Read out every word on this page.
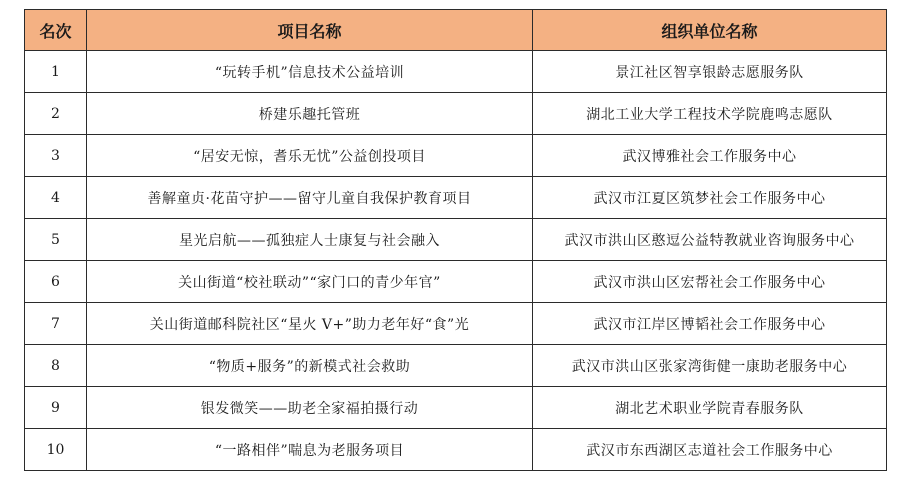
名次	项目名称	组织单位名称
1	“玩转手机”信息技术公益培训	景江社区智享银龄志愿服务队
2	桥建乐趣托管班	湖北工业大学工程技术学院鹿鸣志愿队
3	“居安无惊，耆乐无忧”公益创投项目	武汉博雅社会工作服务中心
4	善解童贞·花苗守护——留守儿童自我保护教育项目	武汉市江夏区筑梦社会工作服务中心
5	星光启航——孤独症人士康复与社会融入	武汉市洪山区憨逗公益特教就业咨询服务中心
6	关山街道“校社联动”“家门口的青少年官”	武汉市洪山区宏帮社会工作服务中心
7	关山街道邮科院社区“星火 V+”助力老年好“食”光	武汉市江岸区博韬社会工作服务中心
8	“物质+服务”的新模式社会救助	武汉市洪山区张家湾街健一康助老服务中心
9	银发微笑——助老全家福拍摄行动	湖北艺术职业学院青春服务队
10	“一路相伴”喘息为老服务项目	武汉市东西湖区志道社会工作服务中心
